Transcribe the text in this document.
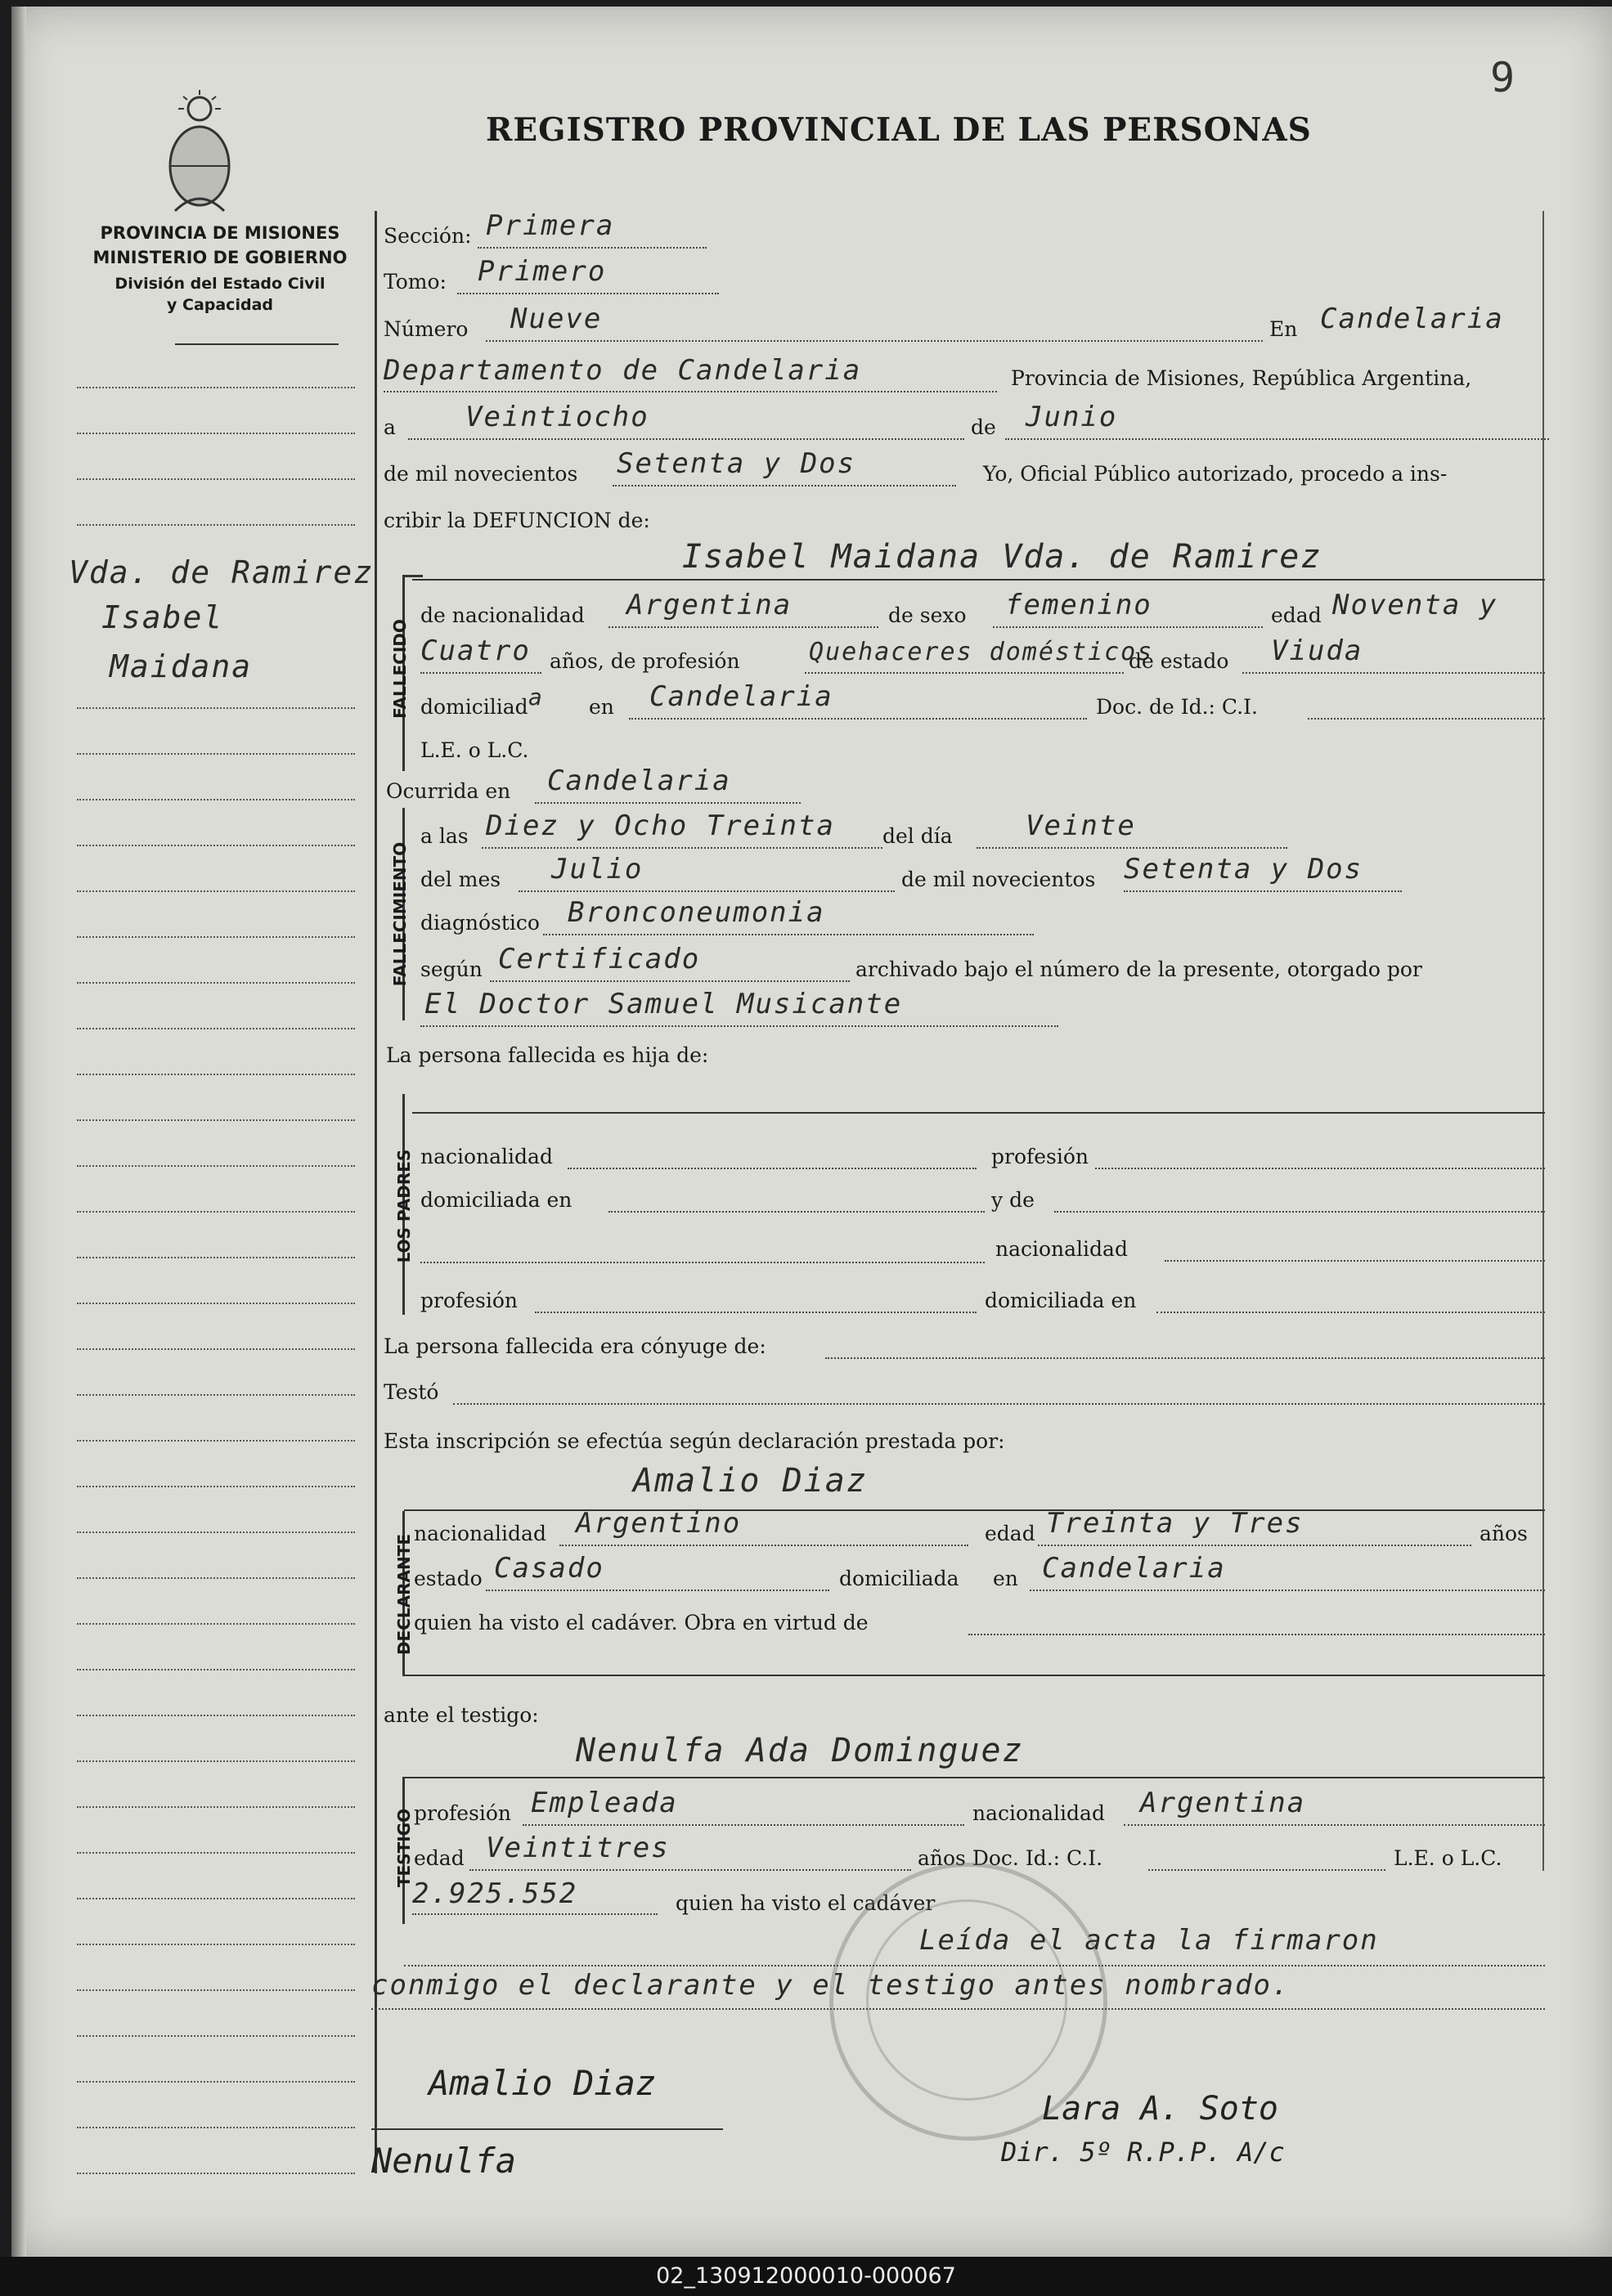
9
REGISTRO PROVINCIAL DE LAS PERSONAS
PROVINCIA DE MISIONES
MINISTERIO DE GOBIERNO
División del Estado Civil
y Capacidad
Vda. de Ramirez
Isabel
Maidana
Sección: Primera
Tomo: Primero
Número Nueve	En Candelaria
Departamento de Candelaria	Provincia de Misiones, República Argentina,
a	Veintiocho	de Junio
de mil novecientos Setenta y Dos	Yo, Oficial Público autorizado, procedo a ins-
cribir la DEFUNCION de:
FALLECIDO
Isabel Maidana Vda. de Ramirez
de nacionalidad Argentina	de sexo femenino	edad Noventa y
Cuatro años, de profesión	Quehaceres domésticos
de estado Viuda
domiciliad a en Candelaria	Doc. de Id.: C.I.
L.E. o L.C.
Ocurrida en Candelaria
FALLECIMIENTO
a las Diez y Ocho Treinta del día	Veinte
del mes Julio	de mil novecientos Setenta y Dos
diagnóstico Bronconeumonia
según Certificado	archivado bajo el número de la presente, otorgado por
El Doctor Samuel Musicante
La persona fallecida es hija de:
LOS PADRES nacionalidad	profesión
domiciliada en	y de
nacionalidad
profesión	domiciliada en
La persona fallecida era cónyuge de:
Testó
Esta inscripción se efectúa según declaración prestada por:
Amalio Diaz
DECLARANTE
nacionalidad Argentino	edad Treinta y Tres	años
estado Casado	domiciliada en Candelaria
quien ha visto el cadáver. Obra en virtud de
ante el testigo:
Nenulfa Ada Dominguez
TESTIGO profesión Empleada	nacionalidad Argentina
edad Veintitres	años Doc. Id.: C.I.	L.E. o L.C.
2.925.552	quien ha visto el cadáver
Leída el acta la firmaron
conmigo el declarante y el testigo antes nombrado.
Amalio Diaz
Nenulfa
Lara A. Soto
Dir. 5º R.P.P. A/c
02_130912000010-000067
